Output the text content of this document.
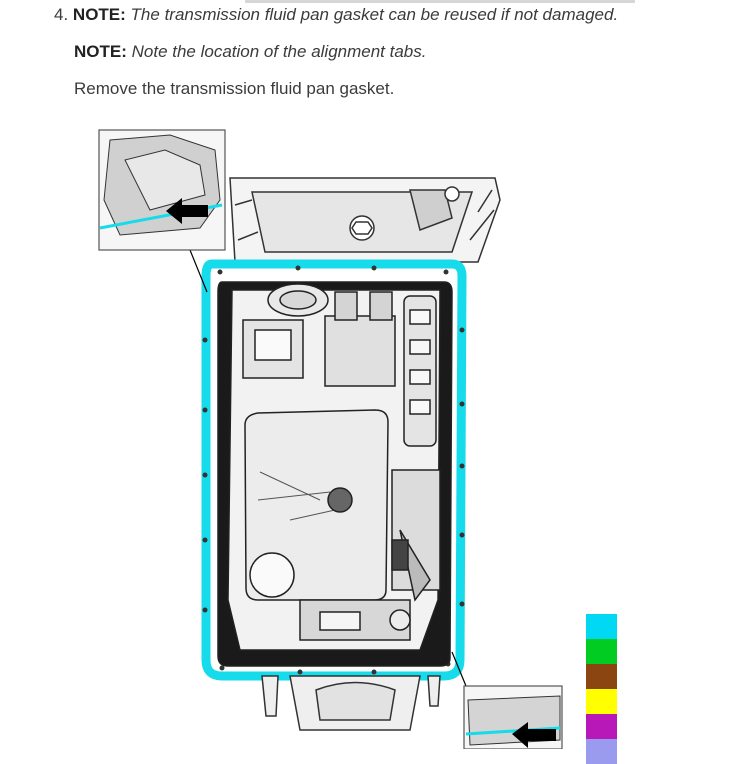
4. NOTE: The transmission fluid pan gasket can be reused if not damaged.
NOTE: Note the location of the alignment tabs.
Remove the transmission fluid pan gasket.
